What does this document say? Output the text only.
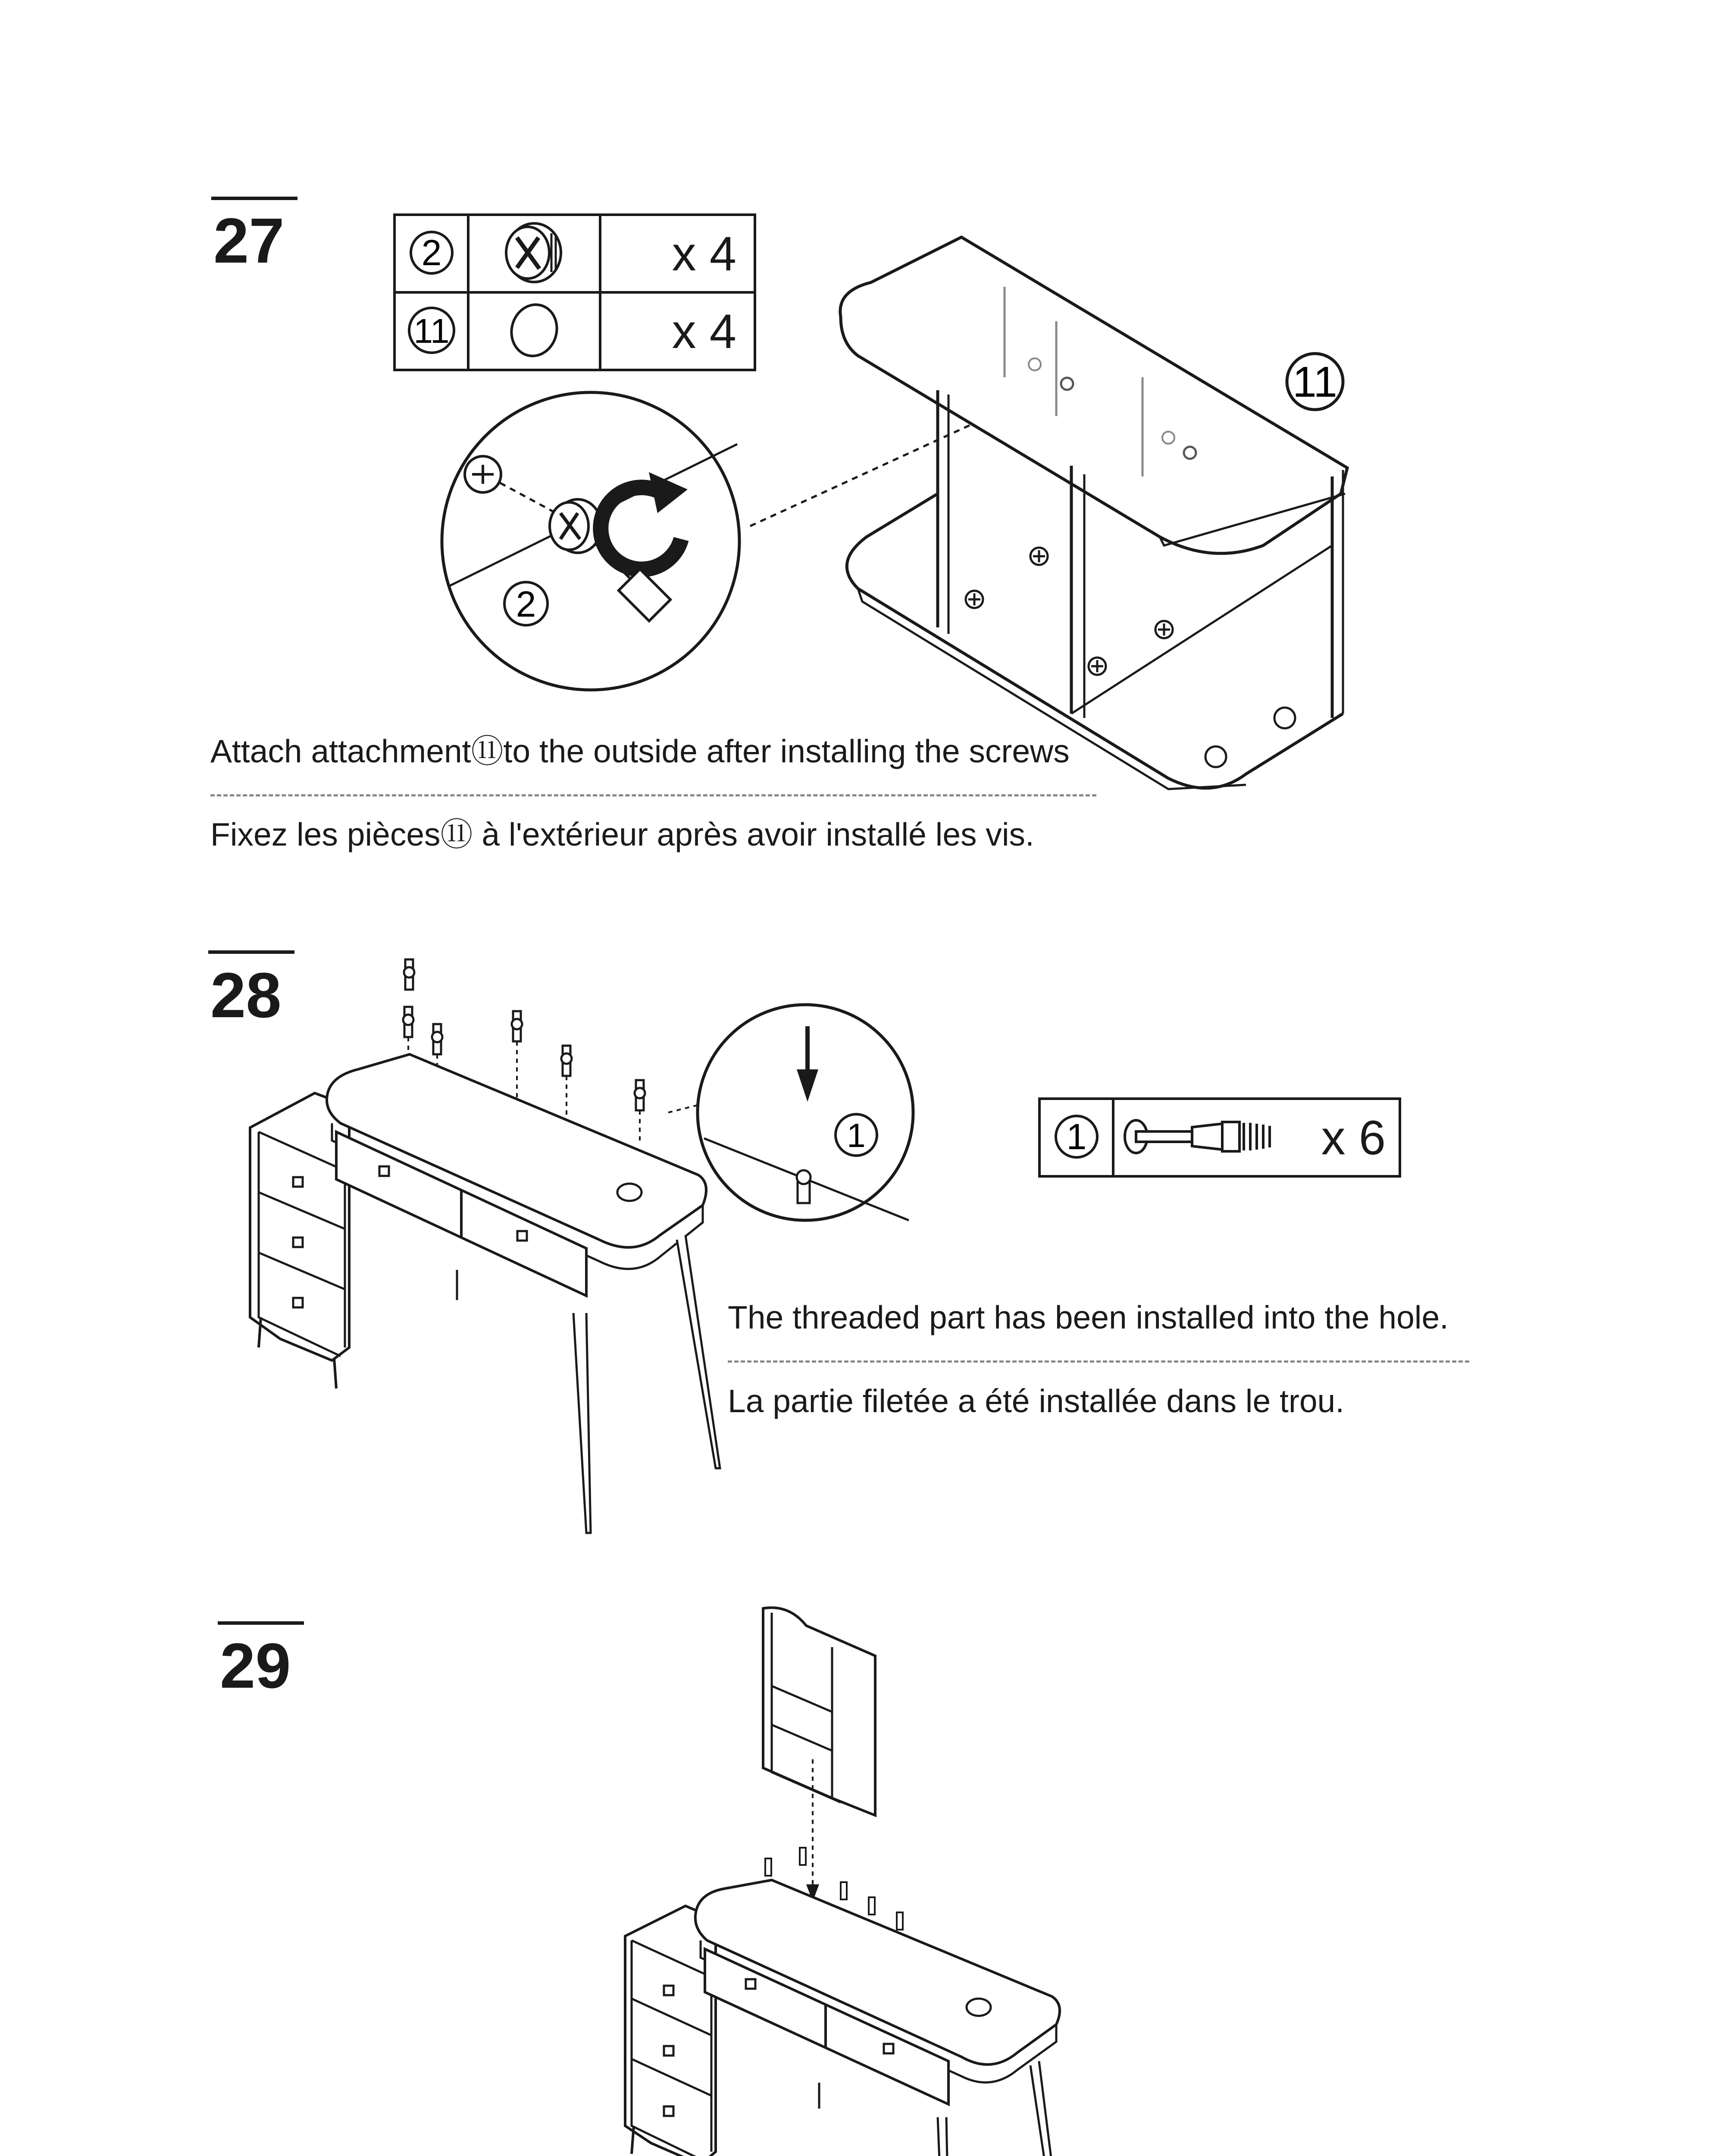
27	2		x 4

11		x 4
2
11
Attach attachment⑪to the outside after installing the screws
Fixez les pièces⑪ à l'extérieur après avoir installé les vis.
28
1	1		x 6
The threaded part has been installed into the hole.
La partie filetée a été installée dans le trou.
29
